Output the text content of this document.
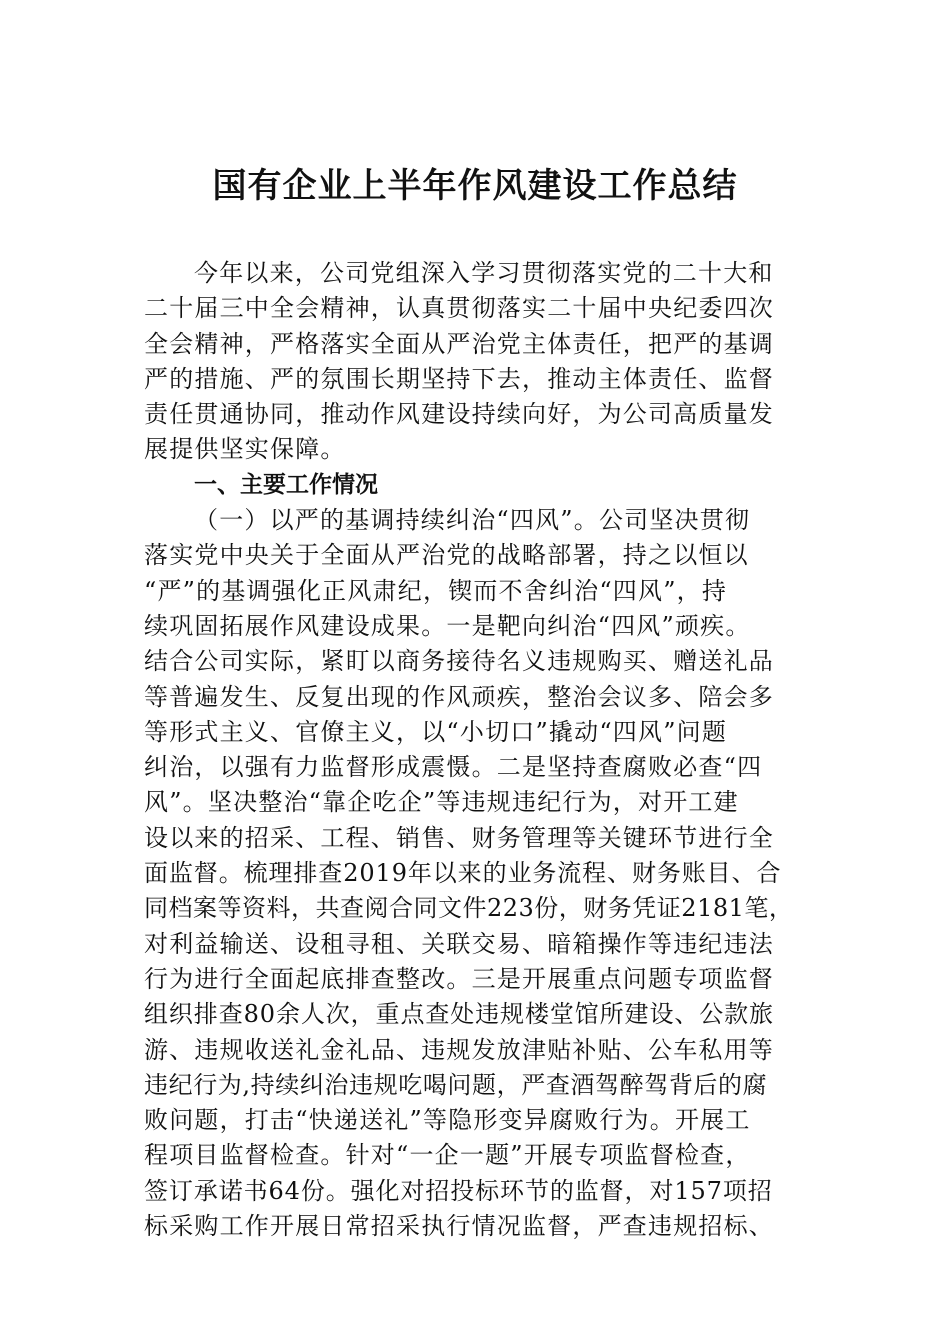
国有企业上半年作风建设工作总结
今年以来，公司党组深入学习贯彻落实党的二十大和
二十届三中全会精神，认真贯彻落实二十届中央纪委四次
全会精神，严格落实全面从严治党主体责任，把严的基调
严的措施、严的氛围长期坚持下去，推动主体责任、监督
责任贯通协同，推动作风建设持续向好，为公司高质量发
展提供坚实保障。
一、主要工作情况
（一）以严的基调持续纠治“四风”。公司坚决贯彻
落实党中央关于全面从严治党的战略部署，持之以恒以
“严”的基调强化正风肃纪，锲而不舍纠治“四风”，持
续巩固拓展作风建设成果。一是靶向纠治“四风”顽疾。
结合公司实际，紧盯以商务接待名义违规购买、赠送礼品
等普遍发生、反复出现的作风顽疾，整治会议多、陪会多
等形式主义、官僚主义，以“小切口”撬动“四风”问题
纠治，以强有力监督形成震慑。二是坚持查腐败必查“四
风”。坚决整治“靠企吃企”等违规违纪行为，对开工建
设以来的招采、工程、销售、财务管理等关键环节进行全
面监督。梳理排查2019年以来的业务流程、财务账目、合
同档案等资料，共查阅合同文件223份，财务凭证2181笔，
对利益输送、设租寻租、关联交易、暗箱操作等违纪违法
行为进行全面起底排查整改。三是开展重点问题专项监督
组织排查80余人次，重点查处违规楼堂馆所建设、公款旅
游、违规收送礼金礼品、违规发放津贴补贴、公车私用等
违纪行为,持续纠治违规吃喝问题，严查酒驾醉驾背后的腐
败问题，打击“快递送礼”等隐形变异腐败行为。开展工
程项目监督检查。针对“一企一题”开展专项监督检查，
签订承诺书64份。强化对招投标环节的监督，对157项招
标采购工作开展日常招采执行情况监督，严查违规招标、
